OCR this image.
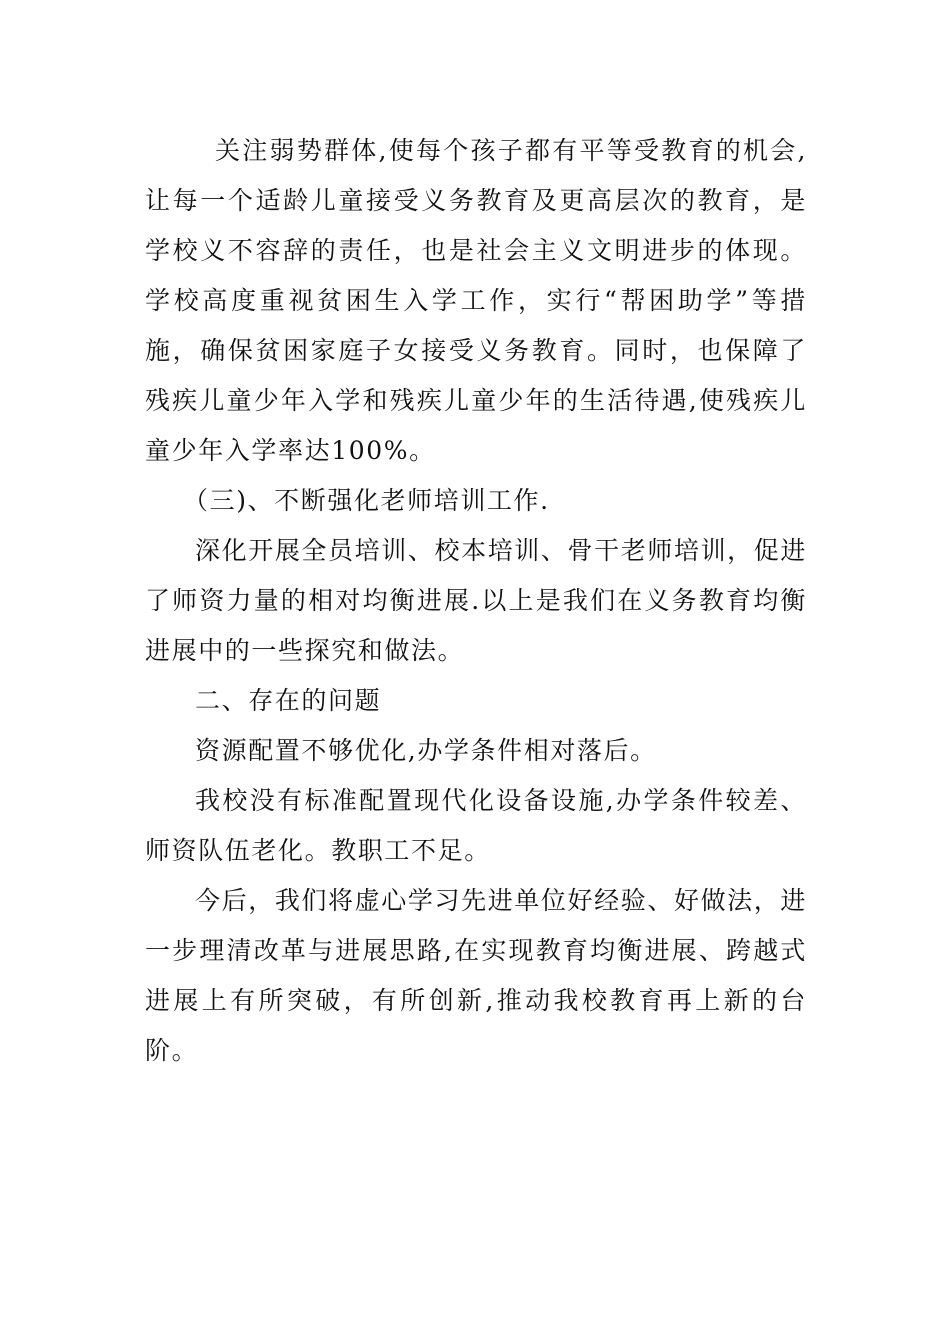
关注弱势群体,使每个孩子都有平等受教育的机会,让每一个适龄儿童接受义务教育及更高层次的教育，是学校义不容辞的责任，也是社会主义文明进步的体现。学校高度重视贫困生入学工作，实行“帮困助学”等措施，确保贫困家庭子女接受义务教育。同时，也保障了残疾儿童少年入学和残疾儿童少年的生活待遇,使残疾儿童少年入学率达100%。

（三)、不断强化老师培训工作.

深化开展全员培训、校本培训、骨干老师培训，促进了师资力量的相对均衡进展.以上是我们在义务教育均衡进展中的一些探究和做法。

二、存在的问题

资源配置不够优化,办学条件相对落后。

我校没有标准配置现代化设备设施,办学条件较差、师资队伍老化。教职工不足。

今后，我们将虚心学习先进单位好经验、好做法，进一步理清改革与进展思路,在实现教育均衡进展、跨越式进展上有所突破，有所创新,推动我校教育再上新的台阶。
